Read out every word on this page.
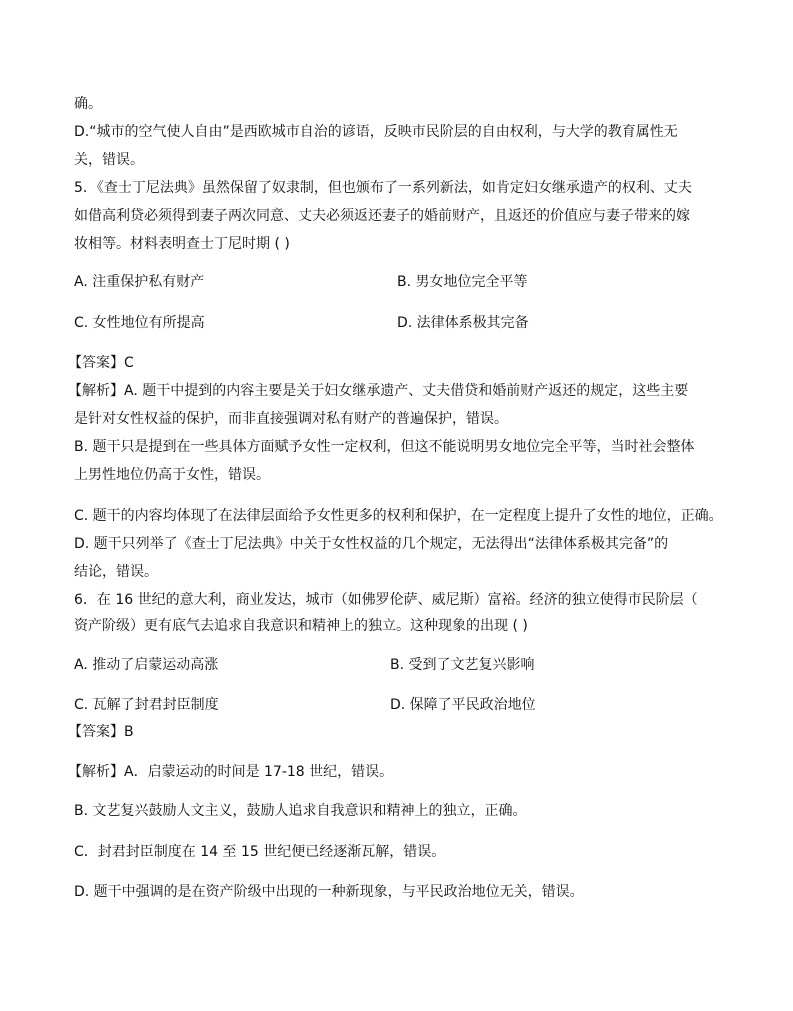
确。
D.“城市的空气使人自由”是西欧城市自治的谚语，反映市民阶层的自由权利，与大学的教育属性无
关，错误。
5．《查士丁尼法典》虽然保留了奴隶制，但也颁布了一系列新法，如肯定妇女继承遗产的权利、丈夫
如借高利贷必须得到妻子两次同意、丈夫必须返还妻子的婚前财产，且返还的价值应与妻子带来的嫁
妆相等。材料表明查士丁尼时期 ( )
A. 注重保护私有财产	B. 男女地位完全平等
C. 女性地位有所提高	D. 法律体系极其完备
【答案】C
【解析】A. 题干中提到的内容主要是关于妇女继承遗产、丈夫借贷和婚前财产返还的规定，这些主要
是针对女性权益的保护，而非直接强调对私有财产的普遍保护，错误。
B. 题干只是提到在一些具体方面赋予女性一定权利，但这不能说明男女地位完全平等，当时社会整体
上男性地位仍高于女性，错误。
C. 题干的内容均体现了在法律层面给予女性更多的权利和保护，在一定程度上提升了女性的地位，正确。
D. 题干只列举了《查士丁尼法典》中关于女性权益的几个规定，无法得出“法律体系极其完备”的
结论，错误。
6．在 16 世纪的意大利，商业发达，城市（如佛罗伦萨、威尼斯）富裕。经济的独立使得市民阶层（
资产阶级）更有底气去追求自我意识和精神上的独立。这种现象的出现 ( )
A. 推动了启蒙运动高涨	B. 受到了文艺复兴影响
C. 瓦解了封君封臣制度	D. 保障了平民政治地位
【答案】B
【解析】A．启蒙运动的时间是 17-18 世纪，错误。
B. 文艺复兴鼓励人文主义，鼓励人追求自我意识和精神上的独立，正确。
C．封君封臣制度在 14 至 15 世纪便已经逐渐瓦解，错误。
D. 题干中强调的是在资产阶级中出现的一种新现象，与平民政治地位无关，错误。
